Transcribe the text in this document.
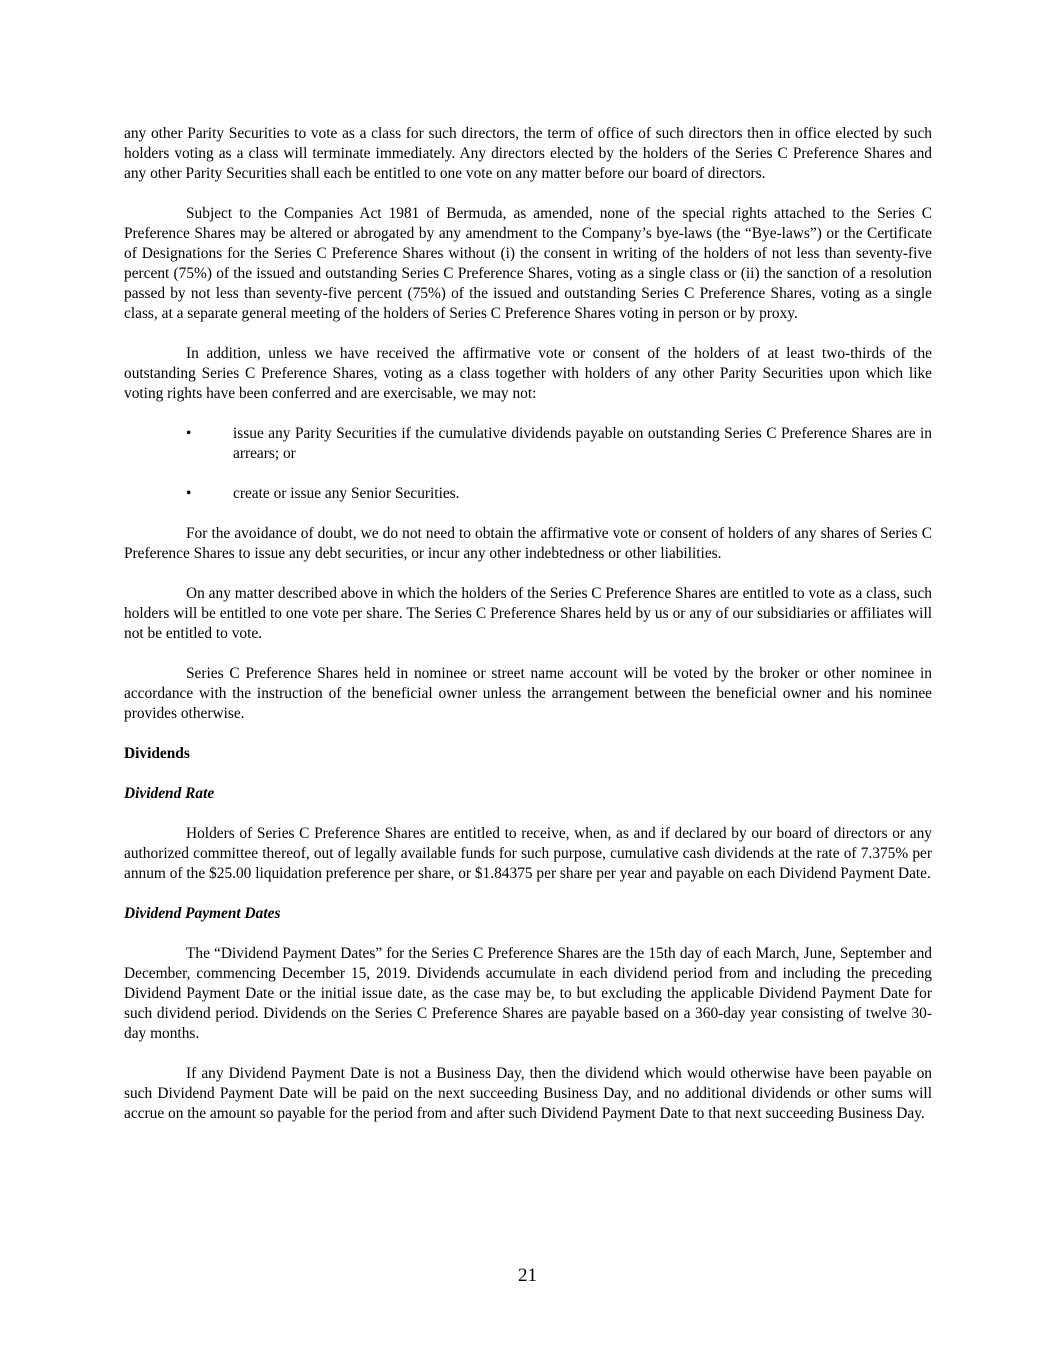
any other Parity Securities to vote as a class for such directors, the term of office of such directors then in office elected by such holders voting as a class will terminate immediately. Any directors elected by the holders of the Series C Preference Shares and any other Parity Securities shall each be entitled to one vote on any matter before our board of directors.

Subject to the Companies Act 1981 of Bermuda, as amended, none of the special rights attached to the Series C Preference Shares may be altered or abrogated by any amendment to the Company’s bye-laws (the “Bye-laws”) or the Certificate of Designations for the Series C Preference Shares without (i) the consent in writing of the holders of not less than seventy-five percent (75%) of the issued and outstanding Series C Preference Shares, voting as a single class or (ii) the sanction of a resolution passed by not less than seventy-five percent (75%) of the issued and outstanding Series C Preference Shares, voting as a single class, at a separate general meeting of the holders of Series C Preference Shares voting in person or by proxy.

In addition, unless we have received the affirmative vote or consent of the holders of at least two-thirds of the outstanding Series C Preference Shares, voting as a class together with holders of any other Parity Securities upon which like voting rights have been conferred and are exercisable, we may not:

•	issue any Parity Securities if the cumulative dividends payable on outstanding Series C Preference Shares are in arrears; or
•	create or issue any Senior Securities.

For the avoidance of doubt, we do not need to obtain the affirmative vote or consent of holders of any shares of Series C Preference Shares to issue any debt securities, or incur any other indebtedness or other liabilities.

On any matter described above in which the holders of the Series C Preference Shares are entitled to vote as a class, such holders will be entitled to one vote per share. The Series C Preference Shares held by us or any of our subsidiaries or affiliates will not be entitled to vote.

Series C Preference Shares held in nominee or street name account will be voted by the broker or other nominee in accordance with the instruction of the beneficial owner unless the arrangement between the beneficial owner and his nominee provides otherwise.

Dividends
Dividend Rate

Holders of Series C Preference Shares are entitled to receive, when, as and if declared by our board of directors or any authorized committee thereof, out of legally available funds for such purpose, cumulative cash dividends at the rate of 7.375% per annum of the $25.00 liquidation preference per share, or $1.84375 per share per year and payable on each Dividend Payment Date.

Dividend Payment Dates

The “Dividend Payment Dates” for the Series C Preference Shares are the 15th day of each March, June, September and December, commencing December 15, 2019. Dividends accumulate in each dividend period from and including the preceding Dividend Payment Date or the initial issue date, as the case may be, to but excluding the applicable Dividend Payment Date for such dividend period. Dividends on the Series C Preference Shares are payable based on a 360-day year consisting of twelve 30-day months.

If any Dividend Payment Date is not a Business Day, then the dividend which would otherwise have been payable on such Dividend Payment Date will be paid on the next succeeding Business Day, and no additional dividends or other sums will accrue on the amount so payable for the period from and after such Dividend Payment Date to that next succeeding Business Day.

21
